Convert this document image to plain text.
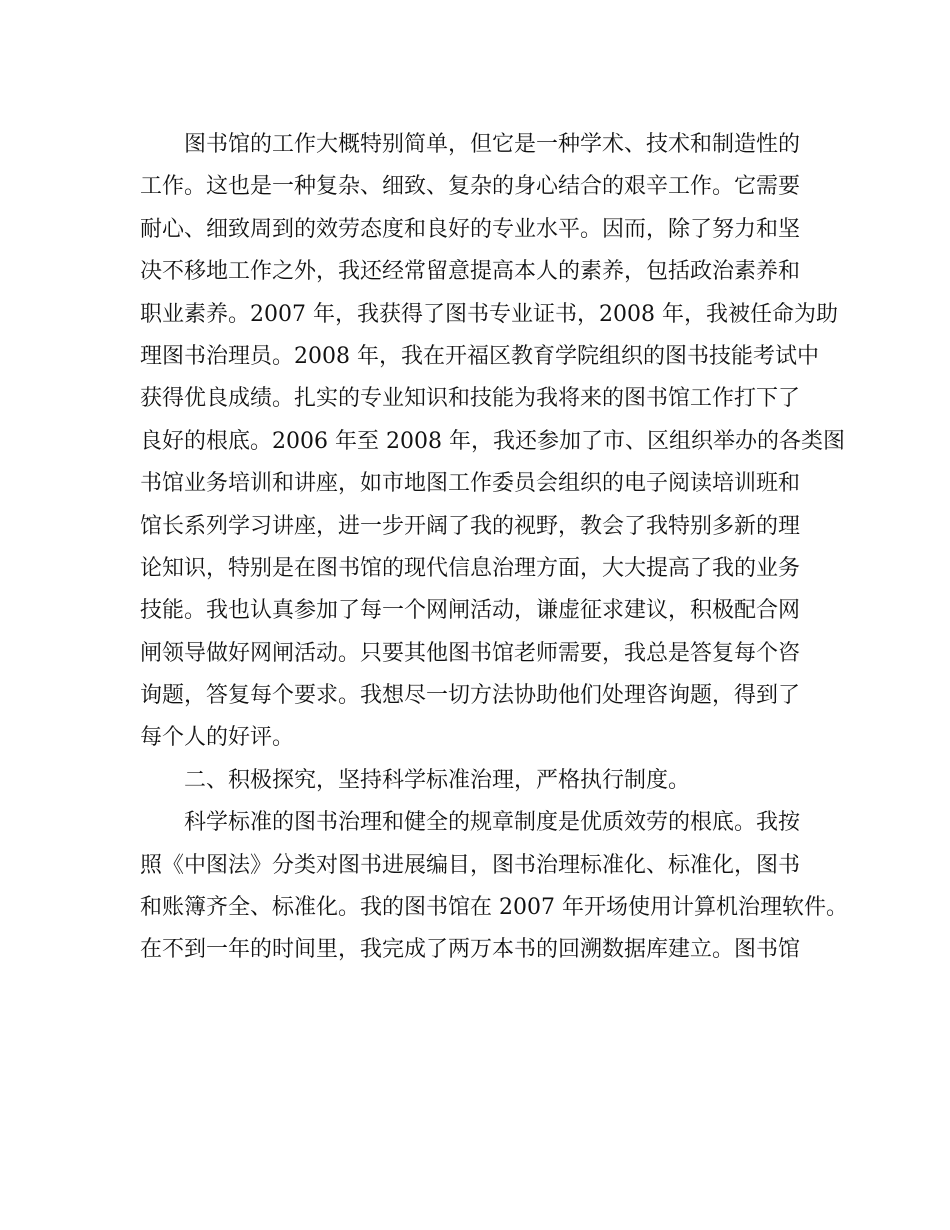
图书馆的工作大概特别简单，但它是一种学术、技术和制造性的
工作。这也是一种复杂、细致、复杂的身心结合的艰辛工作。它需要
耐心、细致周到的效劳态度和良好的专业水平。因而，除了努力和坚
决不移地工作之外，我还经常留意提高本人的素养，包括政治素养和
职业素养。2007 年，我获得了图书专业证书，2008 年，我被任命为助
理图书治理员。2008 年，我在开福区教育学院组织的图书技能考试中
获得优良成绩。扎实的专业知识和技能为我将来的图书馆工作打下了
良好的根底。2006 年至 2008 年，我还参加了市、区组织举办的各类图
书馆业务培训和讲座，如市地图工作委员会组织的电子阅读培训班和
馆长系列学习讲座，进一步开阔了我的视野，教会了我特别多新的理
论知识，特别是在图书馆的现代信息治理方面，大大提高了我的业务
技能。我也认真参加了每一个网闸活动，谦虚征求建议，积极配合网
闸领导做好网闸活动。只要其他图书馆老师需要，我总是答复每个咨
询题，答复每个要求。我想尽一切方法协助他们处理咨询题，得到了
每个人的好评。
二、积极探究，坚持科学标准治理，严格执行制度。
科学标准的图书治理和健全的规章制度是优质效劳的根底。我按
照《中图法》分类对图书进展编目，图书治理标准化、标准化，图书
和账簿齐全、标准化。我的图书馆在 2007 年开场使用计算机治理软件。
在不到一年的时间里，我完成了两万本书的回溯数据库建立。图书馆
